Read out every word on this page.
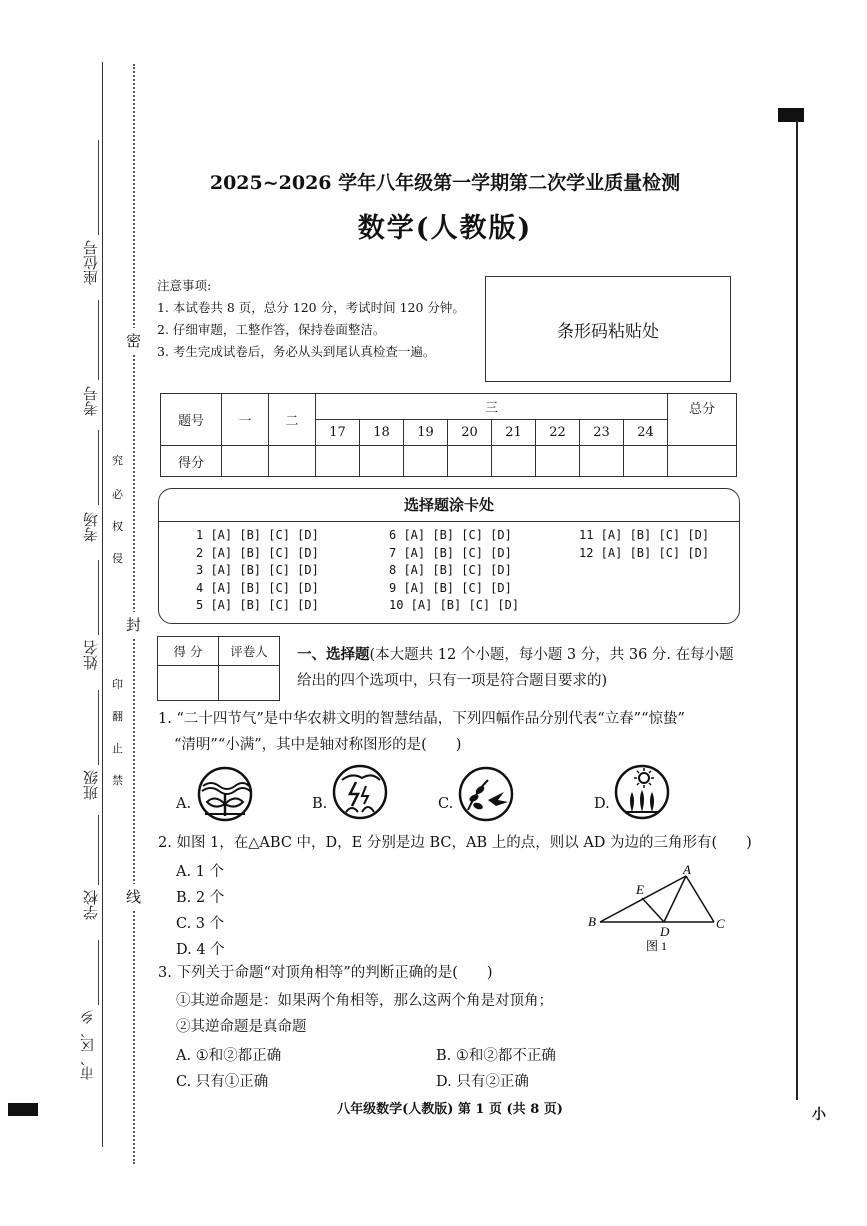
座位号
考号
考场
姓名
班级
学校
市、区、乡
密
封
线
究
必
权
侵
印
翻
止
禁
小
2025~2026 学年八年级第一学期第二次学业质量检测
数学(人教版)
注意事项:
1. 本试卷共 8 页，总分 120 分，考试时间 120 分钟。
2. 仔细审题，工整作答，保持卷面整洁。
3. 考生完成试卷后，务必从头到尾认真检查一遍。
条形码粘贴处
题号	一	二	三								总分
			17	18	19	20	21	22	23	24	
得分											
选择题涂卡处
1 [A] [B] [C] [D]
2 [A] [B] [C] [D]
3 [A] [B] [C] [D]
4 [A] [B] [C] [D]
5 [A] [B] [C] [D]
6 [A] [B] [C] [D]
7 [A] [B] [C] [D]
8 [A] [B] [C] [D]
9 [A] [B] [C] [D]
10 [A] [B] [C] [D]
11 [A] [B] [C] [D]
12 [A] [B] [C] [D]
得 分	评卷人
	一、选择题(本大题共 12 个小题，每小题 3 分，共 36 分. 在每小题给出的四个选项中，只有一项是符合题目要求的)
1. “二十四节气”是中华农耕文明的智慧结晶，下列四幅作品分别代表“立春”“惊蛰”
“清明”“小满”，其中是轴对称图形的是(　　)
A.	B.	C.	D.
2. 如图 1，在△ABC 中，D，E 分别是边 BC，AB 上的点，则以 AD 为边的三角形有(　　)
A. 1 个
B. 2 个
C. 3 个
D. 4 个
B
A
C
E
D
图 1
3. 下列关于命题“对顶角相等”的判断正确的是(　　)
①其逆命题是：如果两个角相等，那么这两个角是对顶角；
②其逆命题是真命题
A. ①和②都正确	B. ①和②都不正确
C. 只有①正确	D. 只有②正确
八年级数学(人教版) 第 1 页 (共 8 页)
